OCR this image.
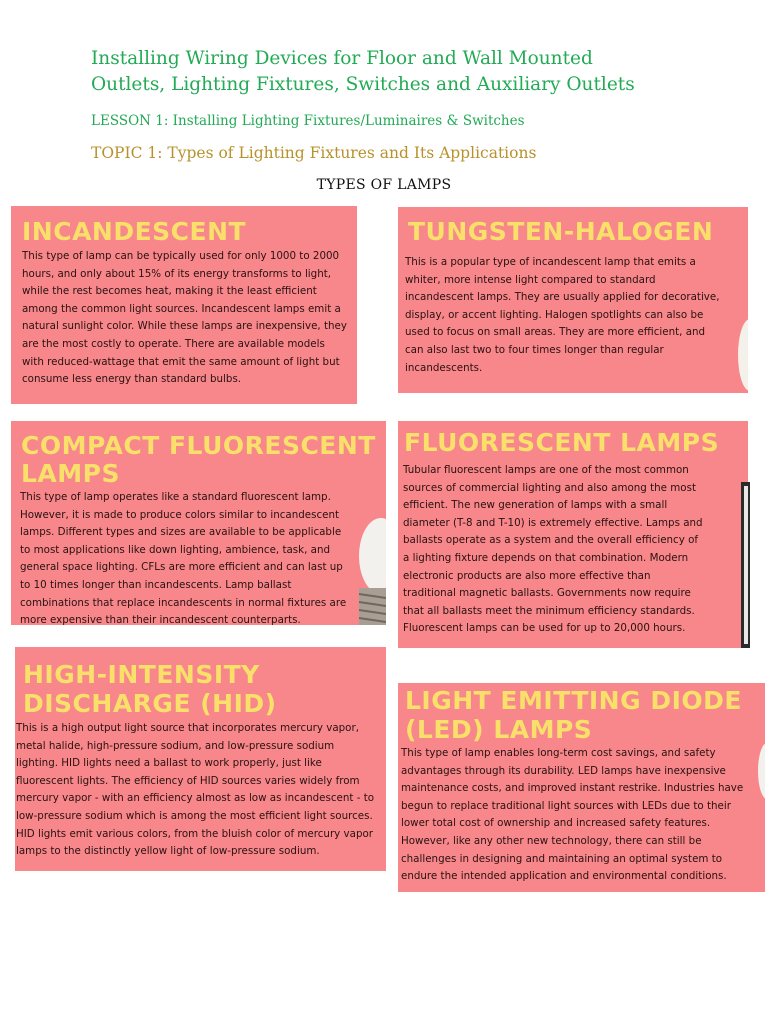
Installing Wiring Devices for Floor and Wall Mounted
Outlets, Lighting Fixtures, Switches and Auxiliary Outlets
LESSON 1: Installing Lighting Fixtures/Luminaires & Switches
TOPIC 1: Types of Lighting Fixtures and Its Applications
TYPES OF LAMPS
INCANDESCENT
This type of lamp can be typically used for only 1000 to 2000
hours, and only about 15% of its energy transforms to light,
while the rest becomes heat, making it the least efficient
among the common light sources. Incandescent lamps emit a
natural sunlight color. While these lamps are inexpensive, they
are the most costly to operate. There are available models
with reduced-wattage that emit the same amount of light but
consume less energy than standard bulbs.
TUNGSTEN-HALOGEN
This is a popular type of incandescent lamp that emits a
whiter, more intense light compared to standard
incandescent lamps. They are usually applied for decorative,
display, or accent lighting. Halogen spotlights can also be
used to focus on small areas. They are more efficient, and
can also last two to four times longer than regular
incandescents.
COMPACT FLUORESCENT
LAMPS
This type of lamp operates like a standard fluorescent lamp.
However, it is made to produce colors similar to incandescent
lamps. Different types and sizes are available to be applicable
to most applications like down lighting, ambience, task, and
general space lighting. CFLs are more efficient and can last up
to 10 times longer than incandescents. Lamp ballast
combinations that replace incandescents in normal fixtures are
more expensive than their incandescent counterparts.
FLUORESCENT LAMPS
Tubular fluorescent lamps are one of the most common
sources of commercial lighting and also among the most
efficient. The new generation of lamps with a small
diameter (T-8 and T-10) is extremely effective. Lamps and
ballasts operate as a system and the overall efficiency of
a lighting fixture depends on that combination. Modern
electronic products are also more effective than
traditional magnetic ballasts. Governments now require
that all ballasts meet the minimum efficiency standards.
Fluorescent lamps can be used for up to 20,000 hours.
HIGH-INTENSITY
DISCHARGE (HID)
This is a high output light source that incorporates mercury vapor,
metal halide, high-pressure sodium, and low-pressure sodium
lighting. HID lights need a ballast to work properly, just like
fluorescent lights. The efficiency of HID sources varies widely from
mercury vapor - with an efficiency almost as low as incandescent - to
low-pressure sodium which is among the most efficient light sources.
HID lights emit various colors, from the bluish color of mercury vapor
lamps to the distinctly yellow light of low-pressure sodium.
LIGHT EMITTING DIODE
(LED) LAMPS
This type of lamp enables long-term cost savings, and safety
advantages through its durability. LED lamps have inexpensive
maintenance costs, and improved instant restrike. Industries have
begun to replace traditional light sources with LEDs due to their
lower total cost of ownership and increased safety features.
However, like any other new technology, there can still be
challenges in designing and maintaining an optimal system to
endure the intended application and environmental conditions.
